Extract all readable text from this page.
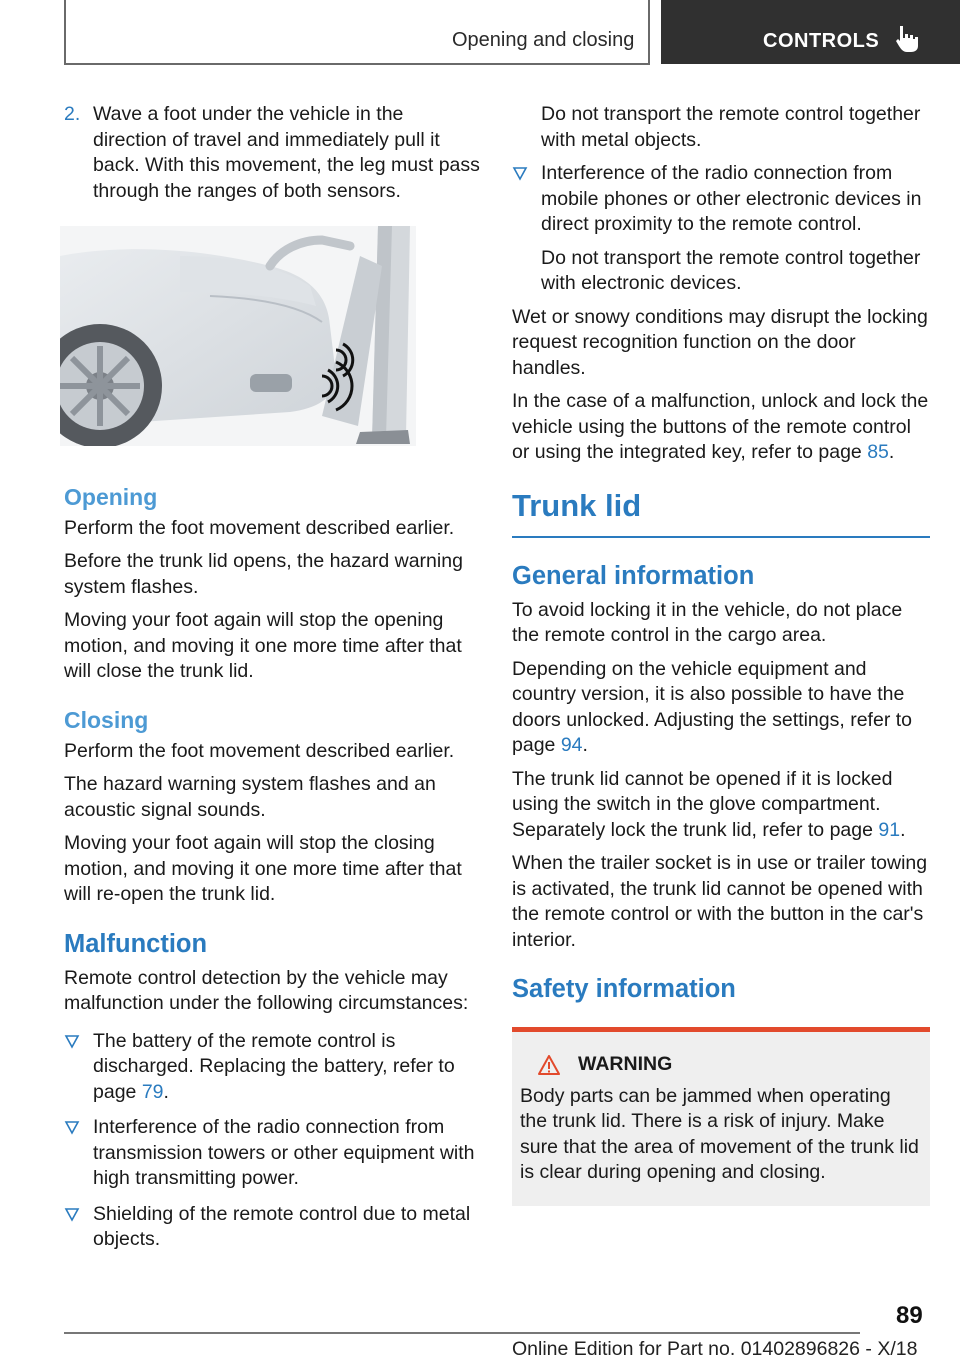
Opening and closing	CONTROLS
2. Wave a foot under the vehicle in the direction of travel and immediately pull it back. With this movement, the leg must pass through the ranges of both sensors.
Opening

Perform the foot movement described earlier.

Before the trunk lid opens, the hazard warning system flashes.

Moving your foot again will stop the opening motion, and moving it one more time after that will close the trunk lid.

Closing

Perform the foot movement described earlier.

The hazard warning system flashes and an acoustic signal sounds.

Moving your foot again will stop the closing motion, and moving it one more time after that will re-open the trunk lid.

Malfunction

Remote control detection by the vehicle may malfunction under the following circumstances:

The battery of the remote control is discharged. Replacing the battery, refer to page 79.
Interference of the radio connection from transmission towers or other equipment with high transmitting power.
Shielding of the remote control due to metal objects.

Do not transport the remote control together with metal objects.

Interference of the radio connection from mobile phones or other electronic devices in direct proximity to the remote control.

Do not transport the remote control together with electronic devices.

Wet or snowy conditions may disrupt the locking request recognition function on the door handles.

In the case of a malfunction, unlock and lock the vehicle using the buttons of the remote control or using the integrated key, refer to page 85.

Trunk lid
General information

To avoid locking it in the vehicle, do not place the remote control in the cargo area.

Depending on the vehicle equipment and country version, it is also possible to have the doors unlocked. Adjusting the settings, refer to page 94.

The trunk lid cannot be opened if it is locked using the switch in the glove compartment. Separately lock the trunk lid, refer to page 91.

When the trailer socket is in use or trailer towing is activated, the trunk lid cannot be opened with the remote control or with the button in the car's interior.

Safety information
WARNING

Body parts can be jammed when operating the trunk lid. There is a risk of injury. Make sure that the area of movement of the trunk lid is clear during opening and closing.

89
Online Edition for Part no. 01402896826 - X/18
